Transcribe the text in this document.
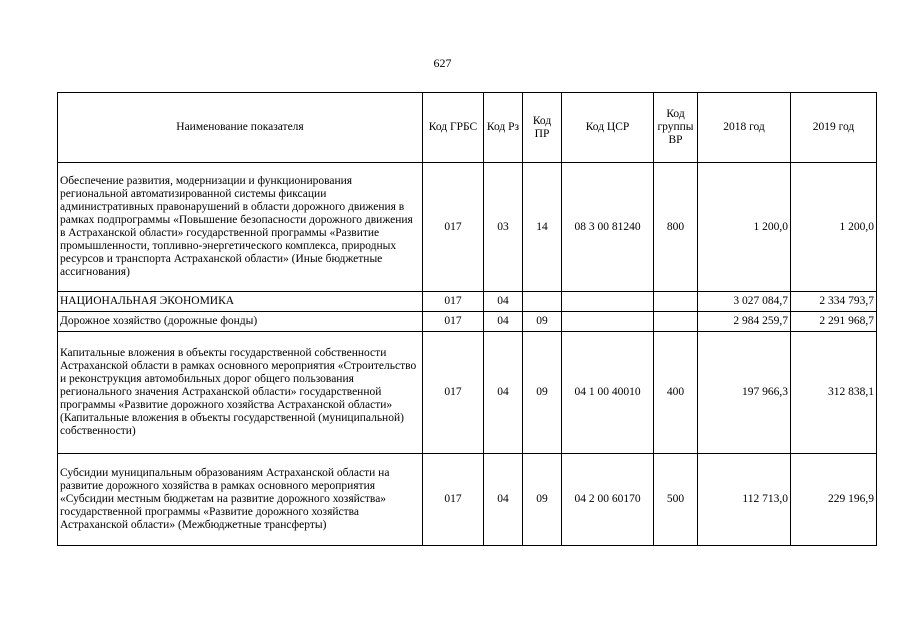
627
Наименование показателя	Код ГРБС	Код Рз	Код ПР	Код ЦСР	Код группы ВР	2018 год	2019 год
Обеспечение развития, модернизации и функционирования региональной автоматизированной системы фиксации административных правонарушений в области дорожного движения в рамках подпрограммы «Повышение безопасности дорожного движения в Астраханской области» государственной программы «Развитие промышленности, топливно-энергетического комплекса, природных ресурсов и транспорта Астраханской области» (Иные бюджетные ассигнования)	017	03	14	08 3 00 81240	800	1 200,0	1 200,0
НАЦИОНАЛЬНАЯ ЭКОНОМИКА	017	04				3 027 084,7	2 334 793,7
Дорожное хозяйство (дорожные фонды)	017	04	09			2 984 259,7	2 291 968,7
Капитальные вложения в объекты государственной собственности Астраханской области в рамках основного мероприятия «Строительство и реконструкция автомобильных дорог общего пользования регионального значения Астраханской области» государственной программы «Развитие дорожного хозяйства Астраханской области» (Капитальные вложения в объекты государственной (муниципальной) собственности)	017	04	09	04 1 00 40010	400	197 966,3	312 838,1
Субсидии муниципальным образованиям Астраханской области на развитие дорожного хозяйства в рамках основного мероприятия «Субсидии местным бюджетам на развитие дорожного хозяйства» государственной программы «Развитие дорожного хозяйства Астраханской области» (Межбюджетные трансферты)	017	04	09	04 2 00 60170	500	112 713,0	229 196,9
